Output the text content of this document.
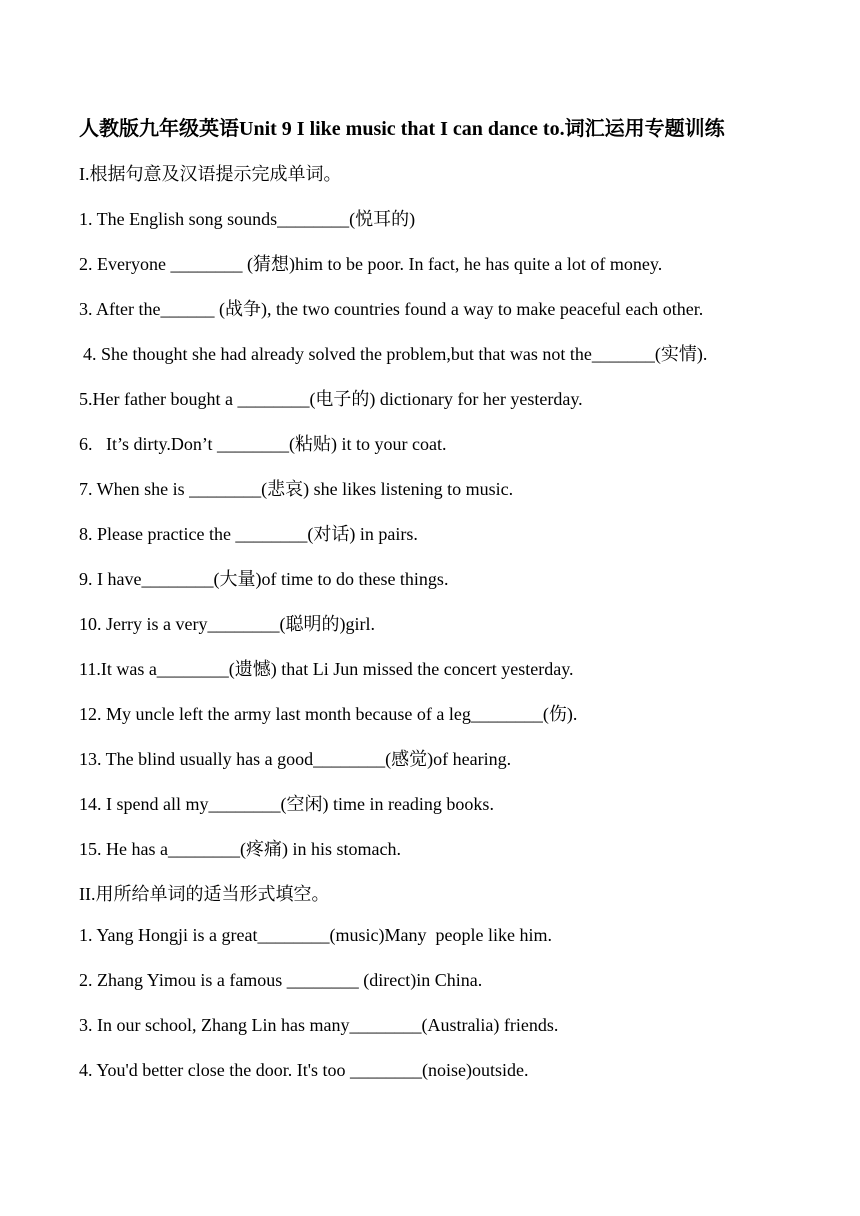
人教版九年级英语Unit 9 I like music that I can dance to.词汇运用专题训练
I.根据句意及汉语提示完成单词。
1. The English song sounds________(悦耳的)
2. Everyone ________ (猜想)him to be poor. In fact, he has quite a lot of money.
3. After the______ (战争), the two countries found a way to make peaceful each other.
4. She thought she had already solved the problem,but that was not the_______(实情).
5.Her father bought a ________(电子的) dictionary for her yesterday.
6.   It’s dirty.Don’t ________(粘贴) it to your coat.
7. When she is ________(悲哀) she likes listening to music.
8. Please practice the ________(对话) in pairs.
9. I have________(大量)of time to do these things.
10. Jerry is a very________(聪明的)girl.
11.It was a________(遗憾) that Li Jun missed the concert yesterday.
12. My uncle left the army last month because of a leg________(伤).
13. The blind usually has a good________(感觉)of hearing.
14. I spend all my________(空闲) time in reading books.
15. He has a________(疼痛) in his stomach.
II.用所给单词的适当形式填空。
1. Yang Hongji is a great________(music)Many  people like him.
2. Zhang Yimou is a famous ________ (direct)in China.
3. In our school, Zhang Lin has many________(Australia) friends.
4. You'd better close the door. It's too ________(noise)outside.
